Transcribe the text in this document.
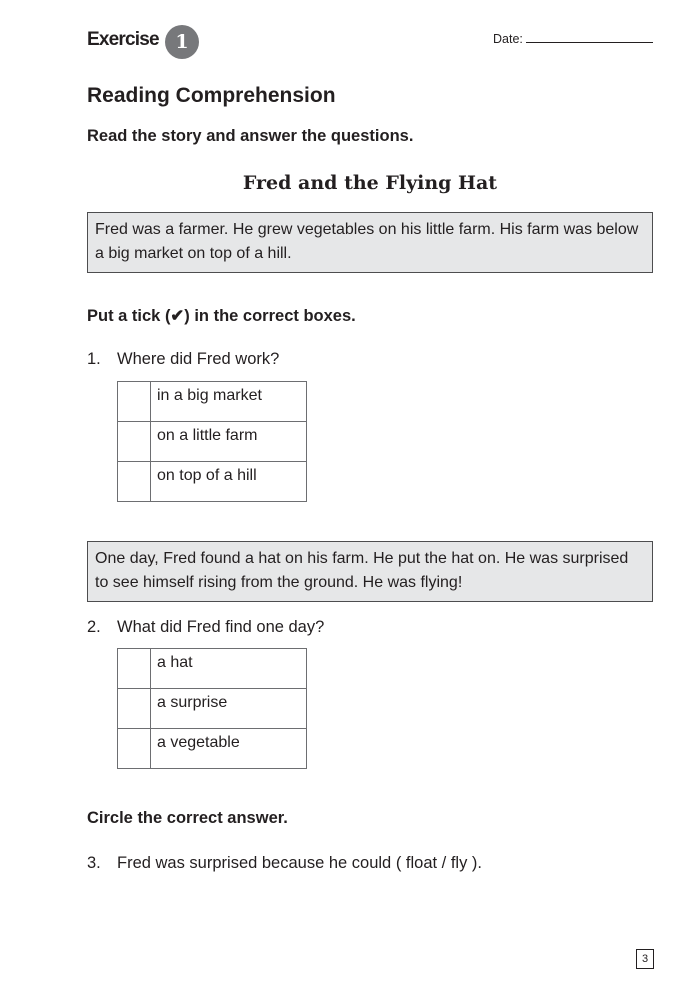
Exercise 1	Date:
Reading Comprehension
Read the story and answer the questions.
Fred and the Flying Hat
Fred was a farmer. He grew vegetables on his little farm. His farm was below a big market on top of a hill.
Put a tick (✔) in the correct boxes.
1. Where did Fred work?
	in a big market
	on a little farm
	on top of a hill
One day, Fred found a hat on his farm. He put the hat on. He was surprised to see himself rising from the ground. He was flying!
2. What did Fred find one day?
	a hat
	a surprise
	a vegetable
Circle the correct answer.
3. Fred was surprised because he could ( float / fly ).
3
